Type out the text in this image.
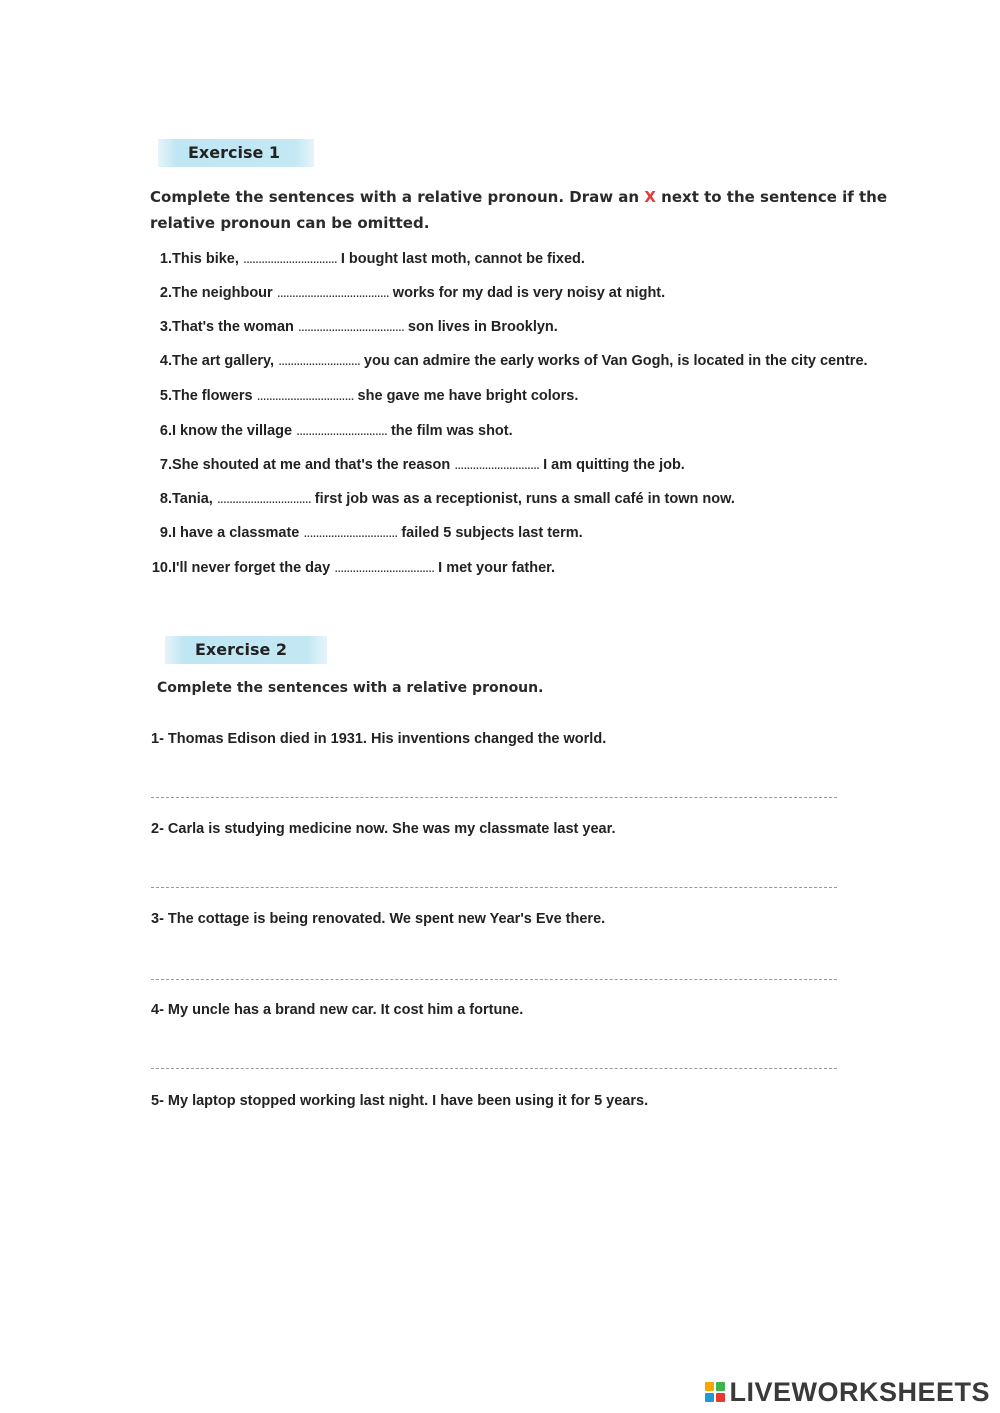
Exercise 1
Complete the sentences with a relative pronoun. Draw an X next to the sentence if the relative pronoun can be omitted.
1.This bike, ............................... I bought last moth, cannot be fixed.
2.The neighbour ..................................... works for my dad is very noisy at night.
3.That's the woman ................................... son lives in Brooklyn.
4.The art gallery, ........................... you can admire the early works of Van Gogh, is located in the city centre.
5.The flowers ................................ she gave me have bright colors.
6.I know the village .............................. the film was shot.
7.She shouted at me and that's the reason ............................ I am quitting the job.
8.Tania, ............................... first job was as a receptionist, runs a small café in town now.
9.I have a classmate ............................... failed 5 subjects last term.
10.I'll never forget the day ................................. I met your father.
Exercise 2
Complete the sentences with a relative pronoun.
1- Thomas Edison died in 1931. His inventions changed the world.
2- Carla is studying medicine now. She was my classmate last year.
3- The cottage is being renovated. We spent new Year's Eve there.
4- My uncle has a brand new car. It cost him a fortune.
5- My laptop stopped working last night. I have been using it for 5 years.
LIVEWORKSHEETS
